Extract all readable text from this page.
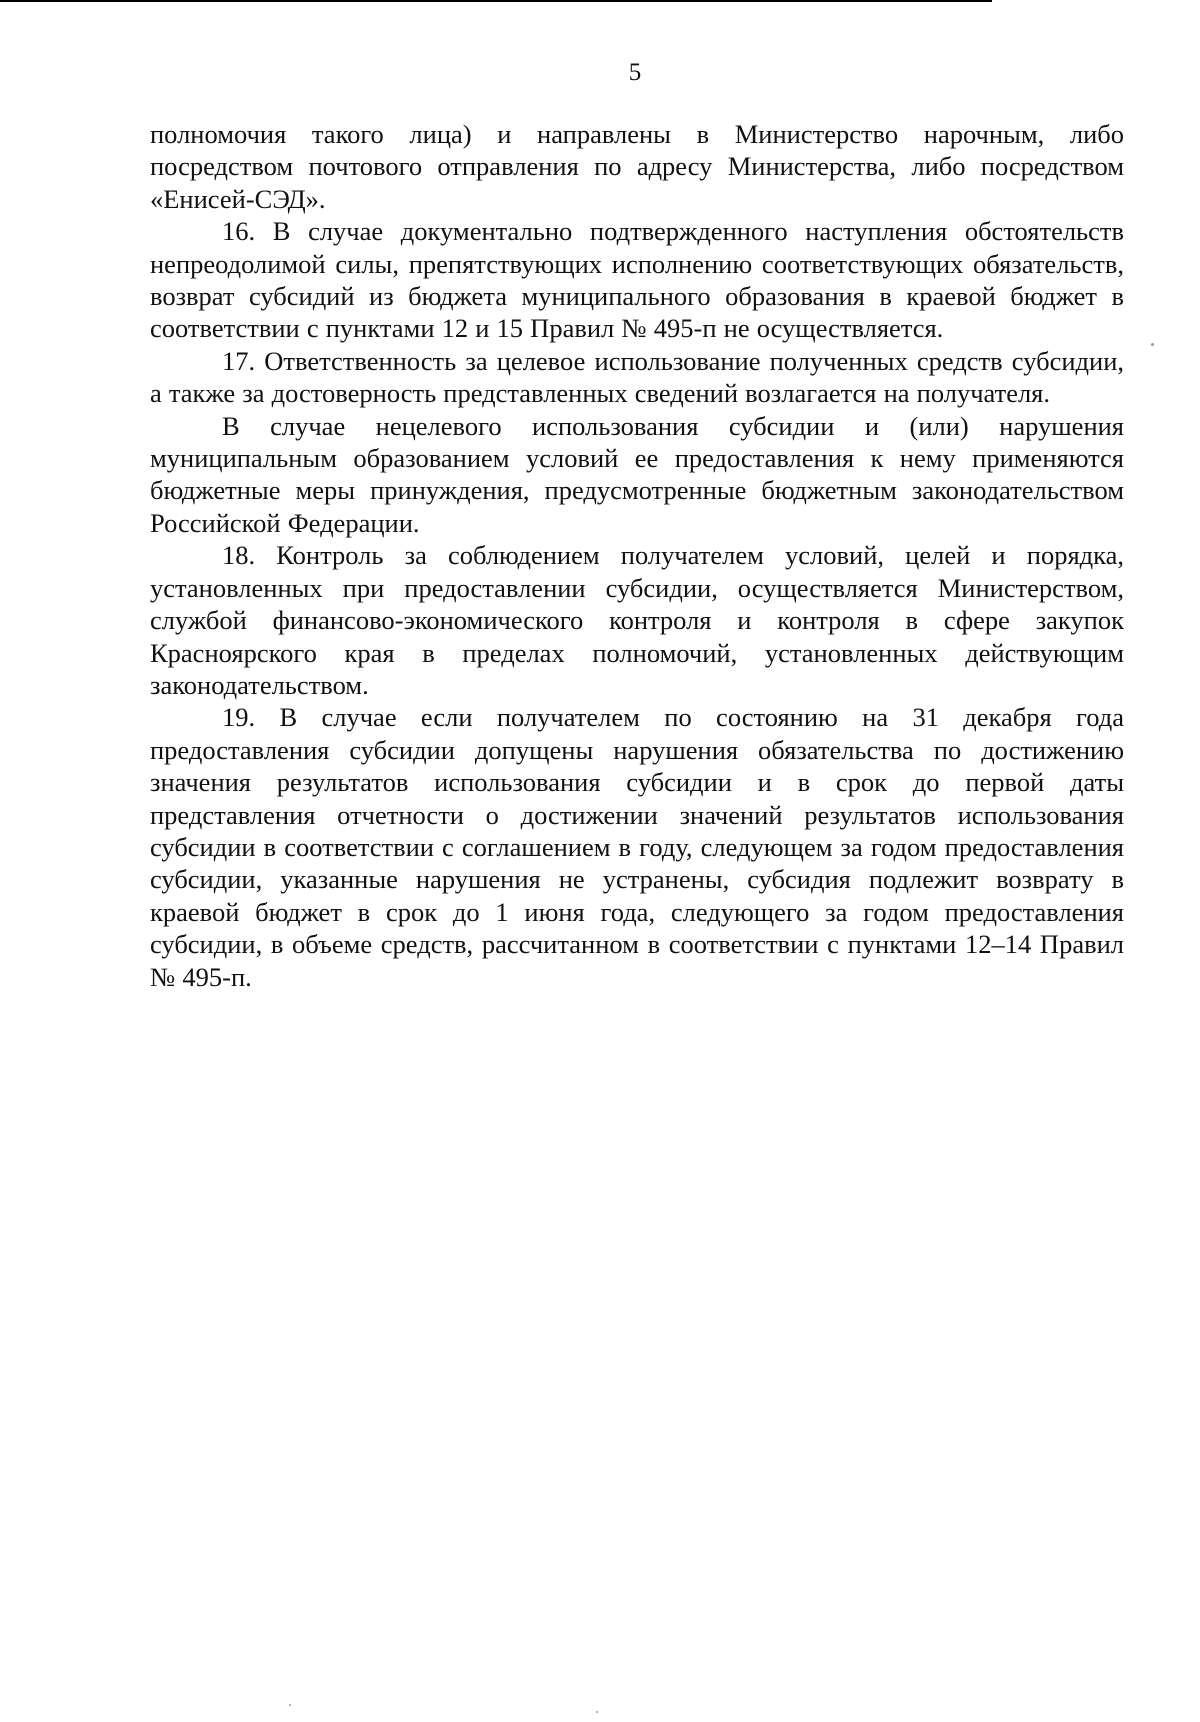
5

полномочия такого лица) и направлены в Министерство нарочным, либо посредством почтового отправления по адресу Министерства, либо посредством «Енисей-СЭД».

16. В случае документально подтвержденного наступления обстоятельств непреодолимой силы, препятствующих исполнению соответствующих обязательств, возврат субсидий из бюджета муниципального образования в краевой бюджет в соответствии с пунктами 12 и 15 Правил № 495-п не осуществляется.

17. Ответственность за целевое использование полученных средств субсидии, а также за достоверность представленных сведений возлагается на получателя.

В случае нецелевого использования субсидии и (или) нарушения муниципальным образованием условий ее предоставления к нему применяются бюджетные меры принуждения, предусмотренные бюджетным законодательством Российской Федерации.

18. Контроль за соблюдением получателем условий, целей и порядка, установленных при предоставлении субсидии, осуществляется Министерством, службой финансово-экономического контроля и контроля в сфере закупок Красноярского края в пределах полномочий, установленных действующим законодательством.

19. В случае если получателем по состоянию на 31 декабря года предоставления субсидии допущены нарушения обязательства по достижению значения результатов использования субсидии и в срок до первой даты представления отчетности о достижении значений результатов использования субсидии в соответствии с соглашением в году, следующем за годом предоставления субсидии, указанные нарушения не устранены, субсидия подлежит возврату в краевой бюджет в срок до 1 июня года, следующего за годом предоставления субсидии, в объеме средств, рассчитанном в соответствии с пунктами 12–14 Правил № 495-п.
